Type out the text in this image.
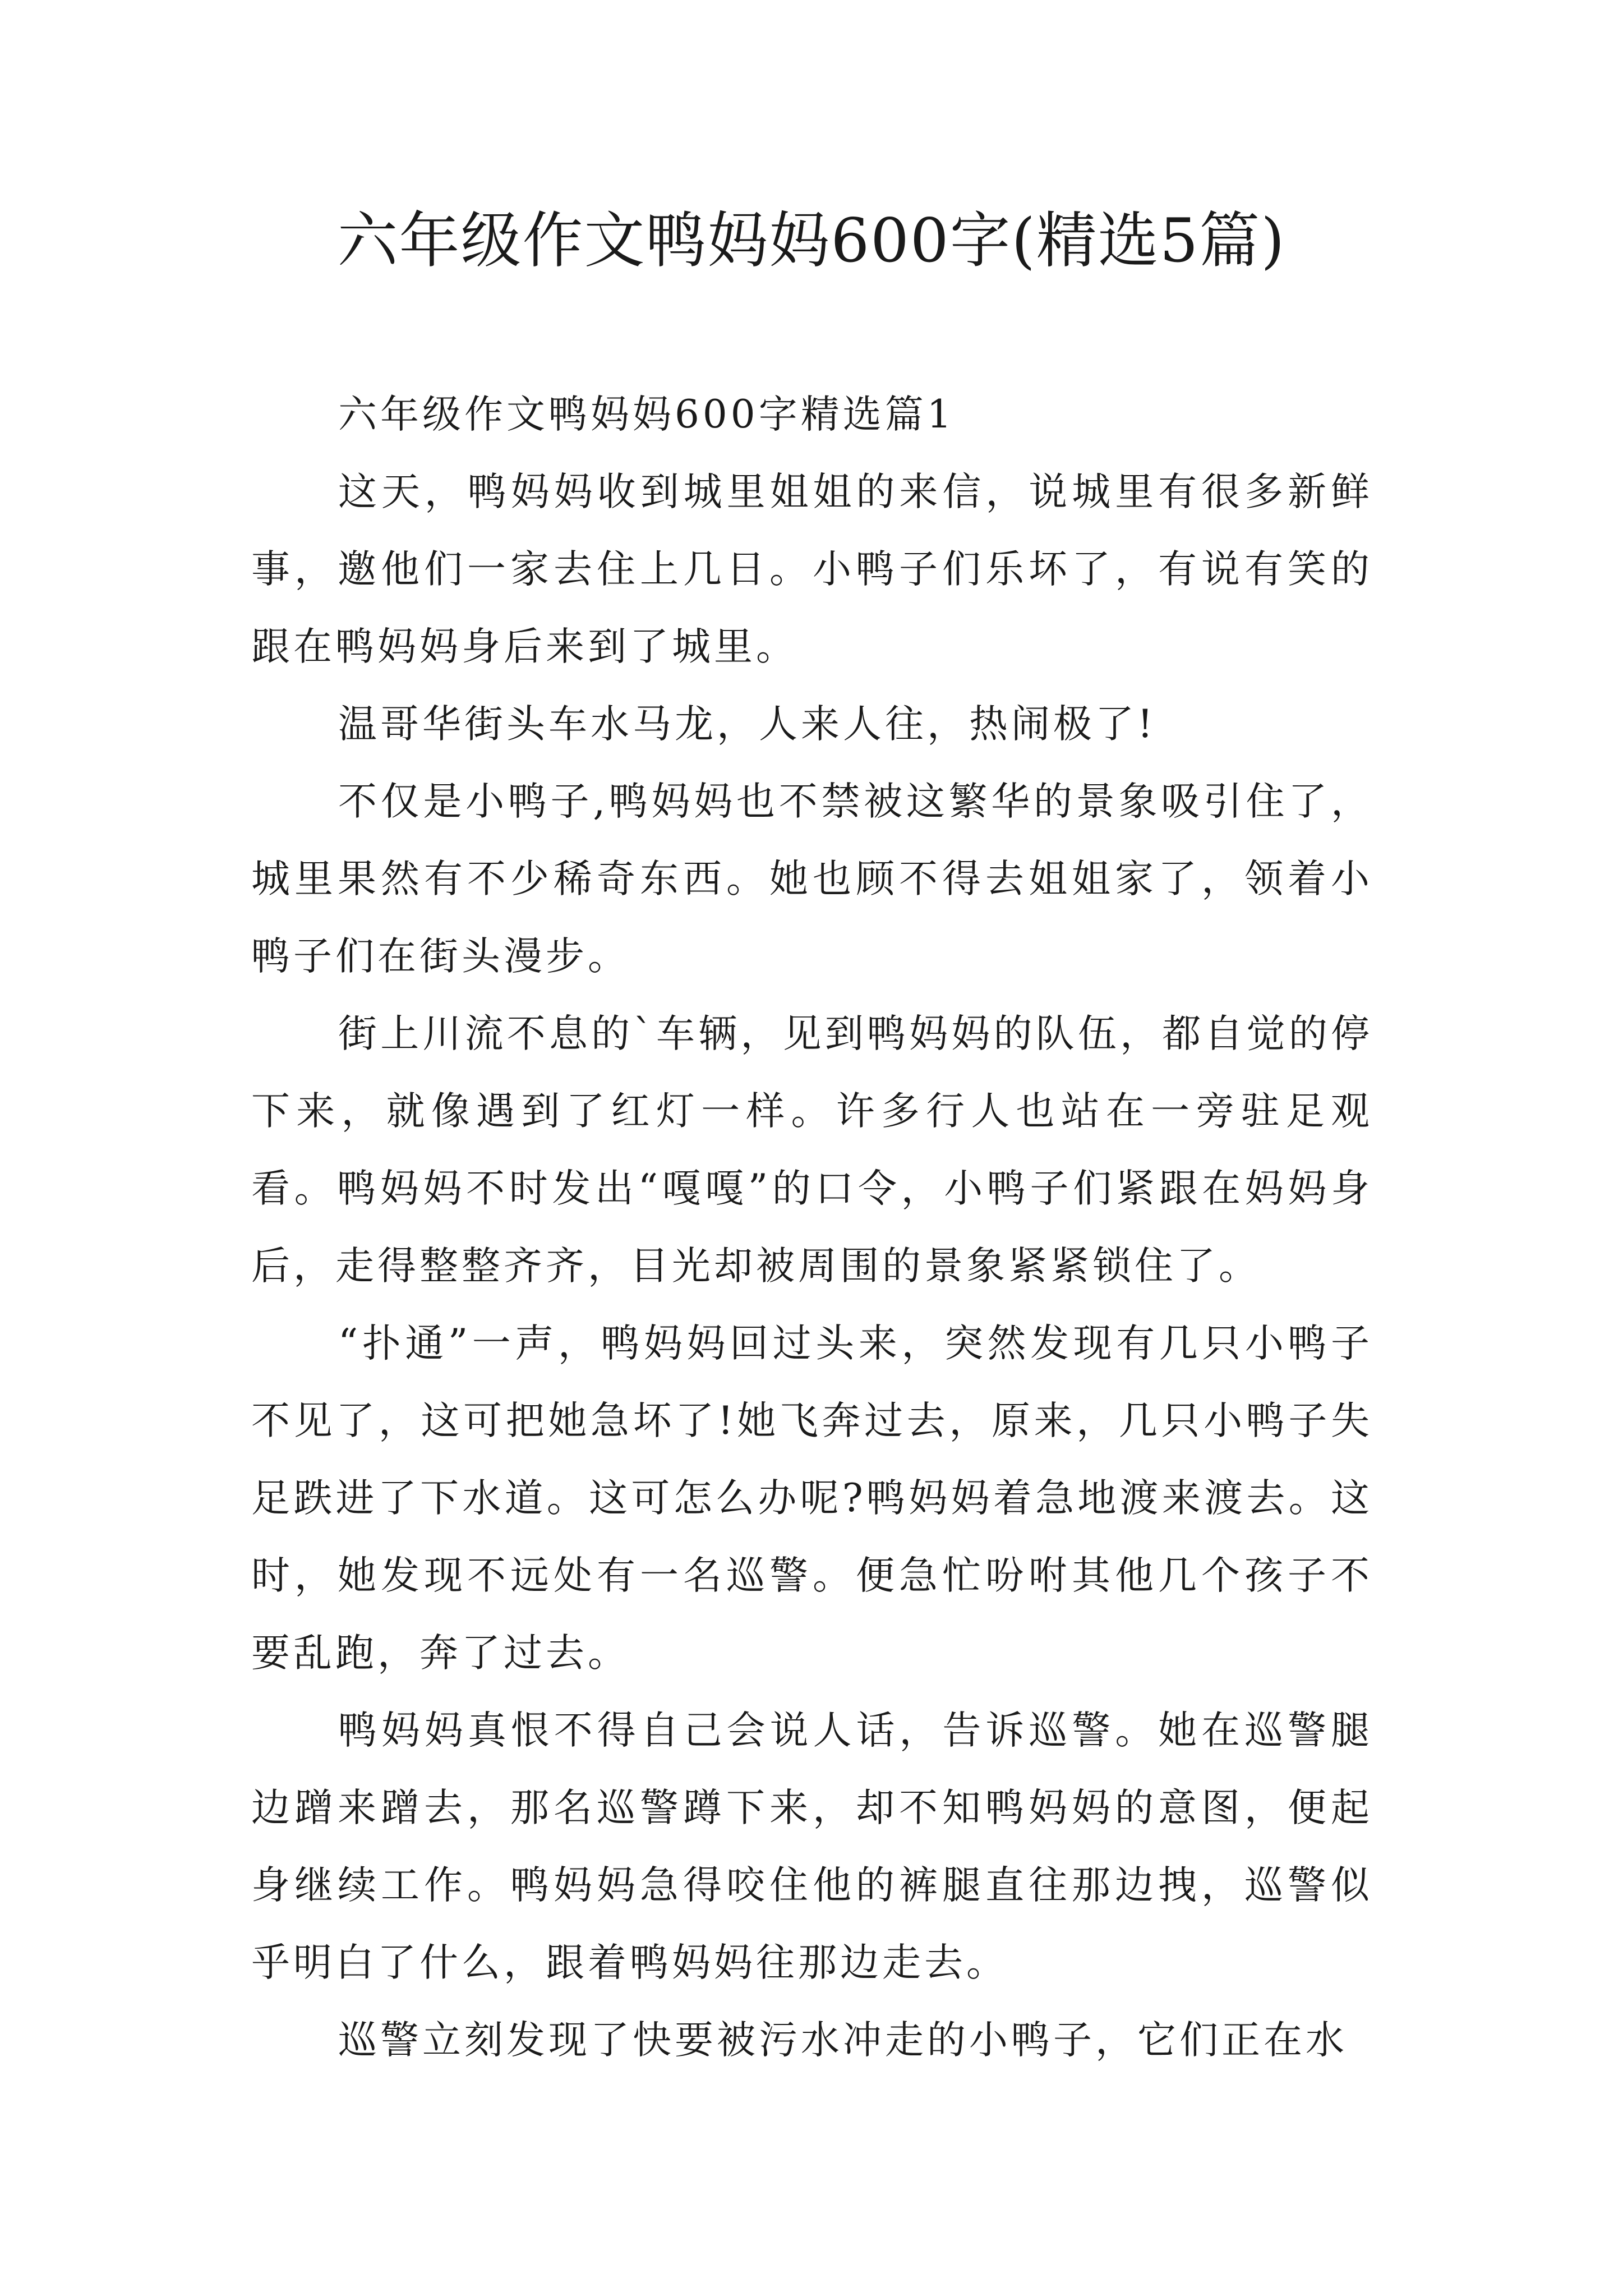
六年级作文鸭妈妈600字(精选5篇)

六年级作文鸭妈妈600字精选篇1

这天，鸭妈妈收到城里姐姐的来信，说城里有很多新鲜事，邀他们一家去住上几日。小鸭子们乐坏了，有说有笑的跟在鸭妈妈身后来到了城里。

温哥华街头车水马龙，人来人往，热闹极了!

不仅是小鸭子,鸭妈妈也不禁被这繁华的景象吸引住了，城里果然有不少稀奇东西。她也顾不得去姐姐家了，领着小鸭子们在街头漫步。

街上川流不息的`车辆，见到鸭妈妈的队伍，都自觉的停下来，就像遇到了红灯一样。许多行人也站在一旁驻足观看。鸭妈妈不时发出“嘎嘎”的口令，小鸭子们紧跟在妈妈身后，走得整整齐齐，目光却被周围的景象紧紧锁住了。

“扑通”一声，鸭妈妈回过头来，突然发现有几只小鸭子不见了，这可把她急坏了!她飞奔过去，原来，几只小鸭子失足跌进了下水道。这可怎么办呢?鸭妈妈着急地渡来渡去。这时，她发现不远处有一名巡警。便急忙吩咐其他几个孩子不要乱跑，奔了过去。

鸭妈妈真恨不得自己会说人话，告诉巡警。她在巡警腿边蹭来蹭去，那名巡警蹲下来，却不知鸭妈妈的意图，便起身继续工作。鸭妈妈急得咬住他的裤腿直往那边拽，巡警似乎明白了什么，跟着鸭妈妈往那边走去。

巡警立刻发现了快要被污水冲走的小鸭子，它们正在水
